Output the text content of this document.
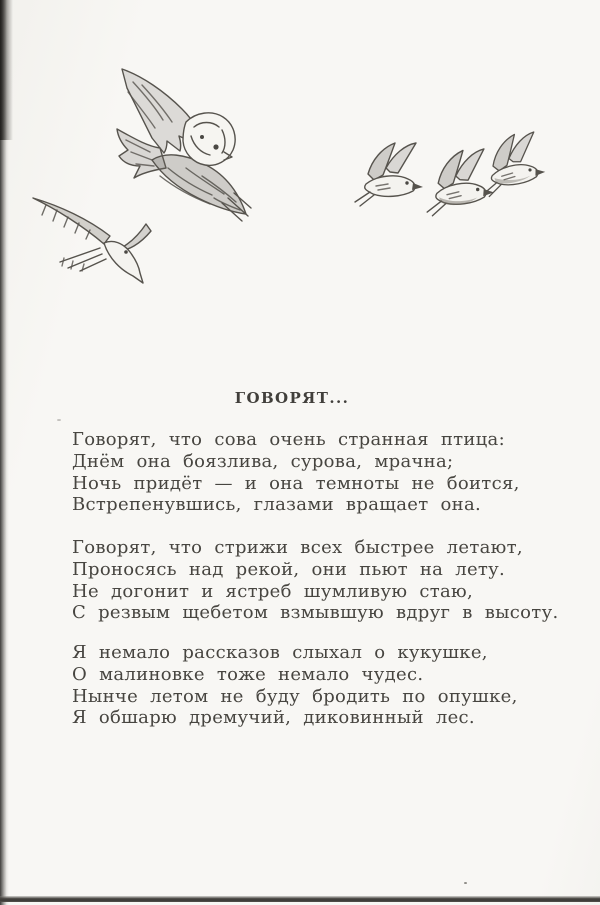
ГОВОРЯТ...
Говорят, что сова очень странная птица:
Днём она боязлива, сурова, мрачна;
Ночь придёт — и она темноты не боится,
Встрепенувшись, глазами вращает она.
Говорят, что стрижи всех быстрее летают,
Проносясь над рекой, они пьют на лету.
Не догонит и ястреб шумливую стаю,
С резвым щебетом взмывшую вдруг в высоту.
Я немало рассказов слыхал о кукушке,
О малиновке тоже немало чудес.
Нынче летом не буду бродить по опушке,
Я обшарю дремучий, диковинный лес.
